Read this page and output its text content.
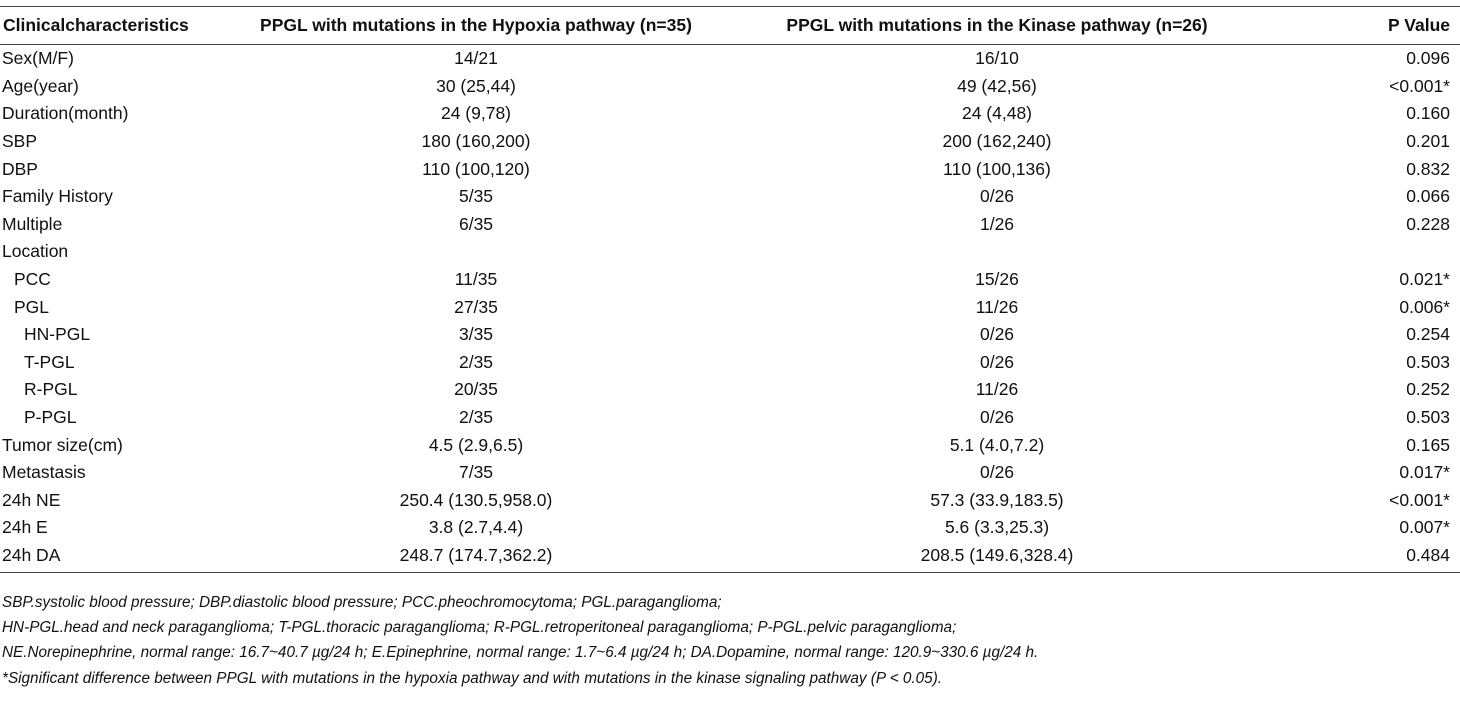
Clinicalcharacteristics	PPGL with mutations in the Hypoxia pathway (n=35)	PPGL with mutations in the Kinase pathway (n=26)	P Value
Sex(M/F)	14/21	16/10	0.096
Age(year)	30 (25,44)	49 (42,56)	<0.001*
Duration(month)	24 (9,78)	24 (4,48)	0.160
SBP	180 (160,200)	200 (162,240)	0.201
DBP	110 (100,120)	110 (100,136)	0.832
Family History	5/35	0/26	0.066
Multiple	6/35	1/26	0.228
Location
PCC	11/35	15/26	0.021*
PGL	27/35	11/26	0.006*
HN-PGL	3/35	0/26	0.254
T-PGL	2/35	0/26	0.503
R-PGL	20/35	11/26	0.252
P-PGL	2/35	0/26	0.503
Tumor size(cm)	4.5 (2.9,6.5)	5.1 (4.0,7.2)	0.165
Metastasis	7/35	0/26	0.017*
24h NE	250.4 (130.5,958.0)	57.3 (33.9,183.5)	<0.001*
24h E	3.8 (2.7,4.4)	5.6 (3.3,25.3)	0.007*
24h DA	248.7 (174.7,362.2)	208.5 (149.6,328.4)	0.484
SBP.systolic blood pressure; DBP.diastolic blood pressure; PCC.pheochromocytoma; PGL.paraganglioma;
HN-PGL.head and neck paraganglioma; T-PGL.thoracic paraganglioma; R-PGL.retroperitoneal paraganglioma; P-PGL.pelvic paraganglioma;
NE.Norepinephrine, normal range: 16.7~40.7 µg/24 h; E.Epinephrine, normal range: 1.7~6.4 µg/24 h; DA.Dopamine, normal range: 120.9~330.6 µg/24 h.
*Significant difference between PPGL with mutations in the hypoxia pathway and with mutations in the kinase signaling pathway (P < 0.05).
